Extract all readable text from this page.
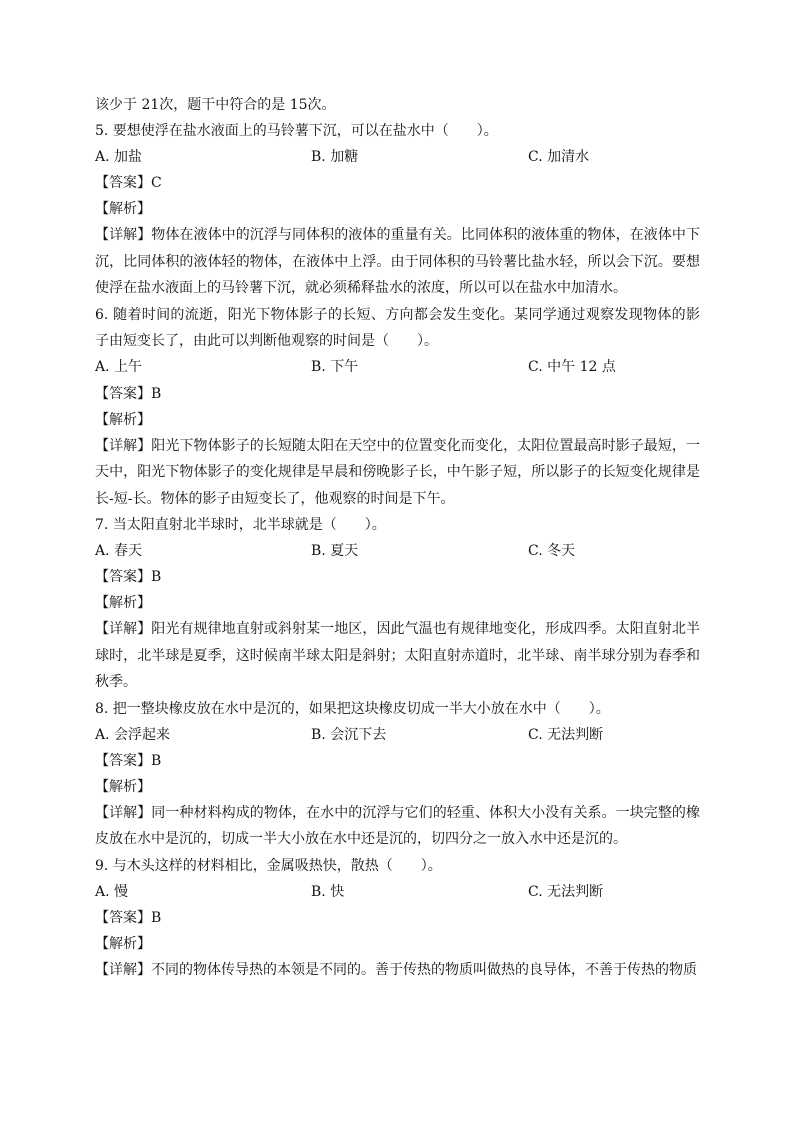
该少于 21次，题干中符合的是 15次。
5. 要想使浮在盐水液面上的马铃薯下沉，可以在盐水中（　　）。
A. 加盐	B. 加糖	C. 加清水
【答案】C
【解析】
【详解】物体在液体中的沉浮与同体积的液体的重量有关。比同体积的液体重的物体，在液体中下沉，比同体积的液体轻的物体，在液体中上浮。由于同体积的马铃薯比盐水轻，所以会下沉。要想使浮在盐水液面上的马铃薯下沉，就必须稀释盐水的浓度，所以可以在盐水中加清水。
6. 随着时间的流逝，阳光下物体影子的长短、方向都会发生变化。某同学通过观察发现物体的影子由短变长了，由此可以判断他观察的时间是（　　）。
A. 上午	B. 下午	C. 中午 12 点
【答案】B
【解析】
【详解】阳光下物体影子的长短随太阳在天空中的位置变化而变化，太阳位置最高时影子最短，一天中，阳光下物体影子的变化规律是早晨和傍晚影子长，中午影子短，所以影子的长短变化规律是长-短-长。物体的影子由短变长了，他观察的时间是下午。
7. 当太阳直射北半球时，北半球就是（　　）。
A. 春天	B. 夏天	C. 冬天
【答案】B
【解析】
【详解】阳光有规律地直射或斜射某一地区，因此气温也有规律地变化，形成四季。太阳直射北半球时，北半球是夏季，这时候南半球太阳是斜射；太阳直射赤道时，北半球、南半球分别为春季和秋季。
8. 把一整块橡皮放在水中是沉的，如果把这块橡皮切成一半大小放在水中（　　）。
A. 会浮起来	B. 会沉下去	C. 无法判断
【答案】B
【解析】
【详解】同一种材料构成的物体，在水中的沉浮与它们的轻重、体积大小没有关系。一块完整的橡皮放在水中是沉的，切成一半大小放在水中还是沉的，切四分之一放入水中还是沉的。
9. 与木头这样的材料相比，金属吸热快，散热（　　）。
A. 慢	B. 快	C. 无法判断
【答案】B
【解析】
【详解】不同的物体传导热的本领是不同的。善于传热的物质叫做热的良导体，不善于传热的物质
